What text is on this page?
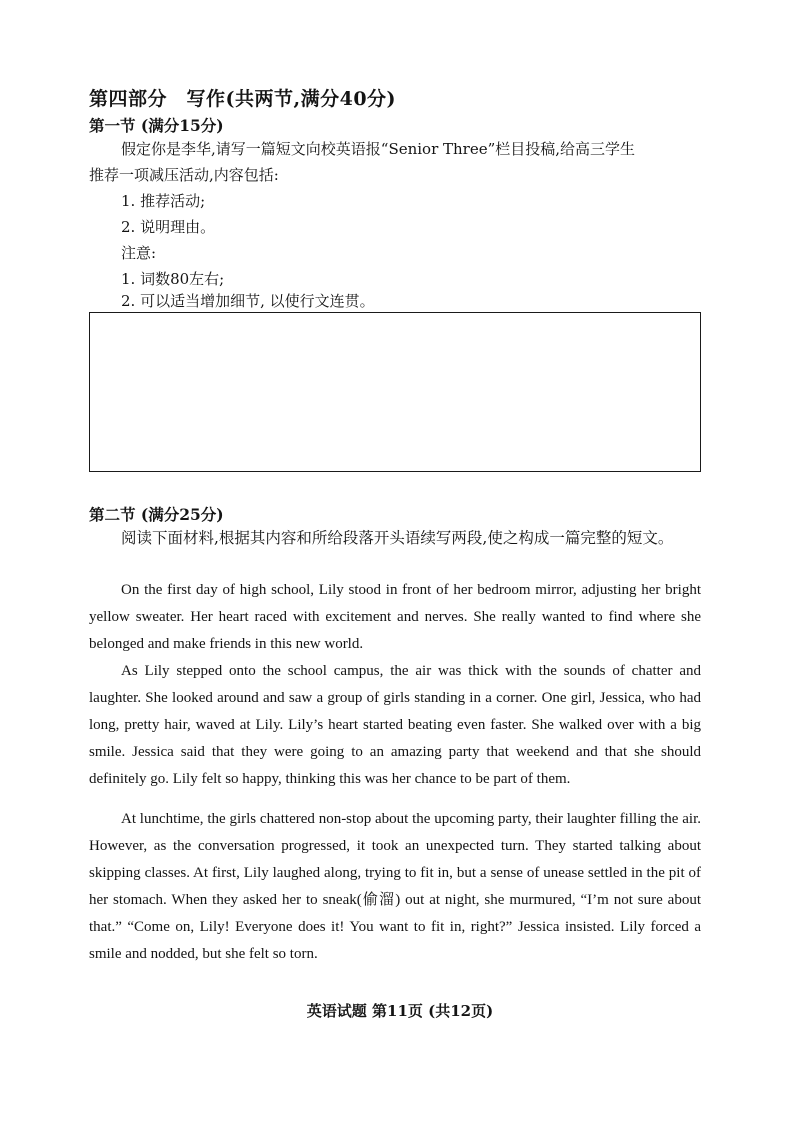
第四部分　写作(共两节,满分40分)
第一节 (满分15分)
假定你是李华,请写一篇短文向校英语报“Senior Three”栏目投稿,给高三学生
推荐一项减压活动,内容包括:
1. 推荐活动;
2. 说明理由。
注意:
1. 词数80左右;
2. 可以适当增加细节, 以使行文连贯。
第二节 (满分25分)
阅读下面材料,根据其内容和所给段落开头语续写两段,使之构成一篇完整的短文。
On the first day of high school, Lily stood in front of her bedroom mirror, adjusting her bright yellow sweater. Her heart raced with excitement and nerves. She really wanted to find where she belonged and make friends in this new world.
As Lily stepped onto the school campus, the air was thick with the sounds of chatter and laughter. She looked around and saw a group of girls standing in a corner. One girl, Jessica, who had long, pretty hair, waved at Lily. Lily’s heart started beating even faster. She walked over with a big smile. Jessica said that they were going to an amazing party that weekend and that she should definitely go. Lily felt so happy, thinking this was her chance to be part of them.
At lunchtime, the girls chattered non-stop about the upcoming party, their laughter filling the air. However, as the conversation progressed, it took an unexpected turn. They started talking about skipping classes. At first, Lily laughed along, trying to fit in, but a sense of unease settled in the pit of her stomach. When they asked her to sneak(偷溜) out at night, she murmured, “I’m not sure about that.” “Come on, Lily! Everyone does it! You want to fit in, right?” Jessica insisted. Lily forced a smile and nodded, but she felt so torn.
英语试题 第11页 (共12页)
